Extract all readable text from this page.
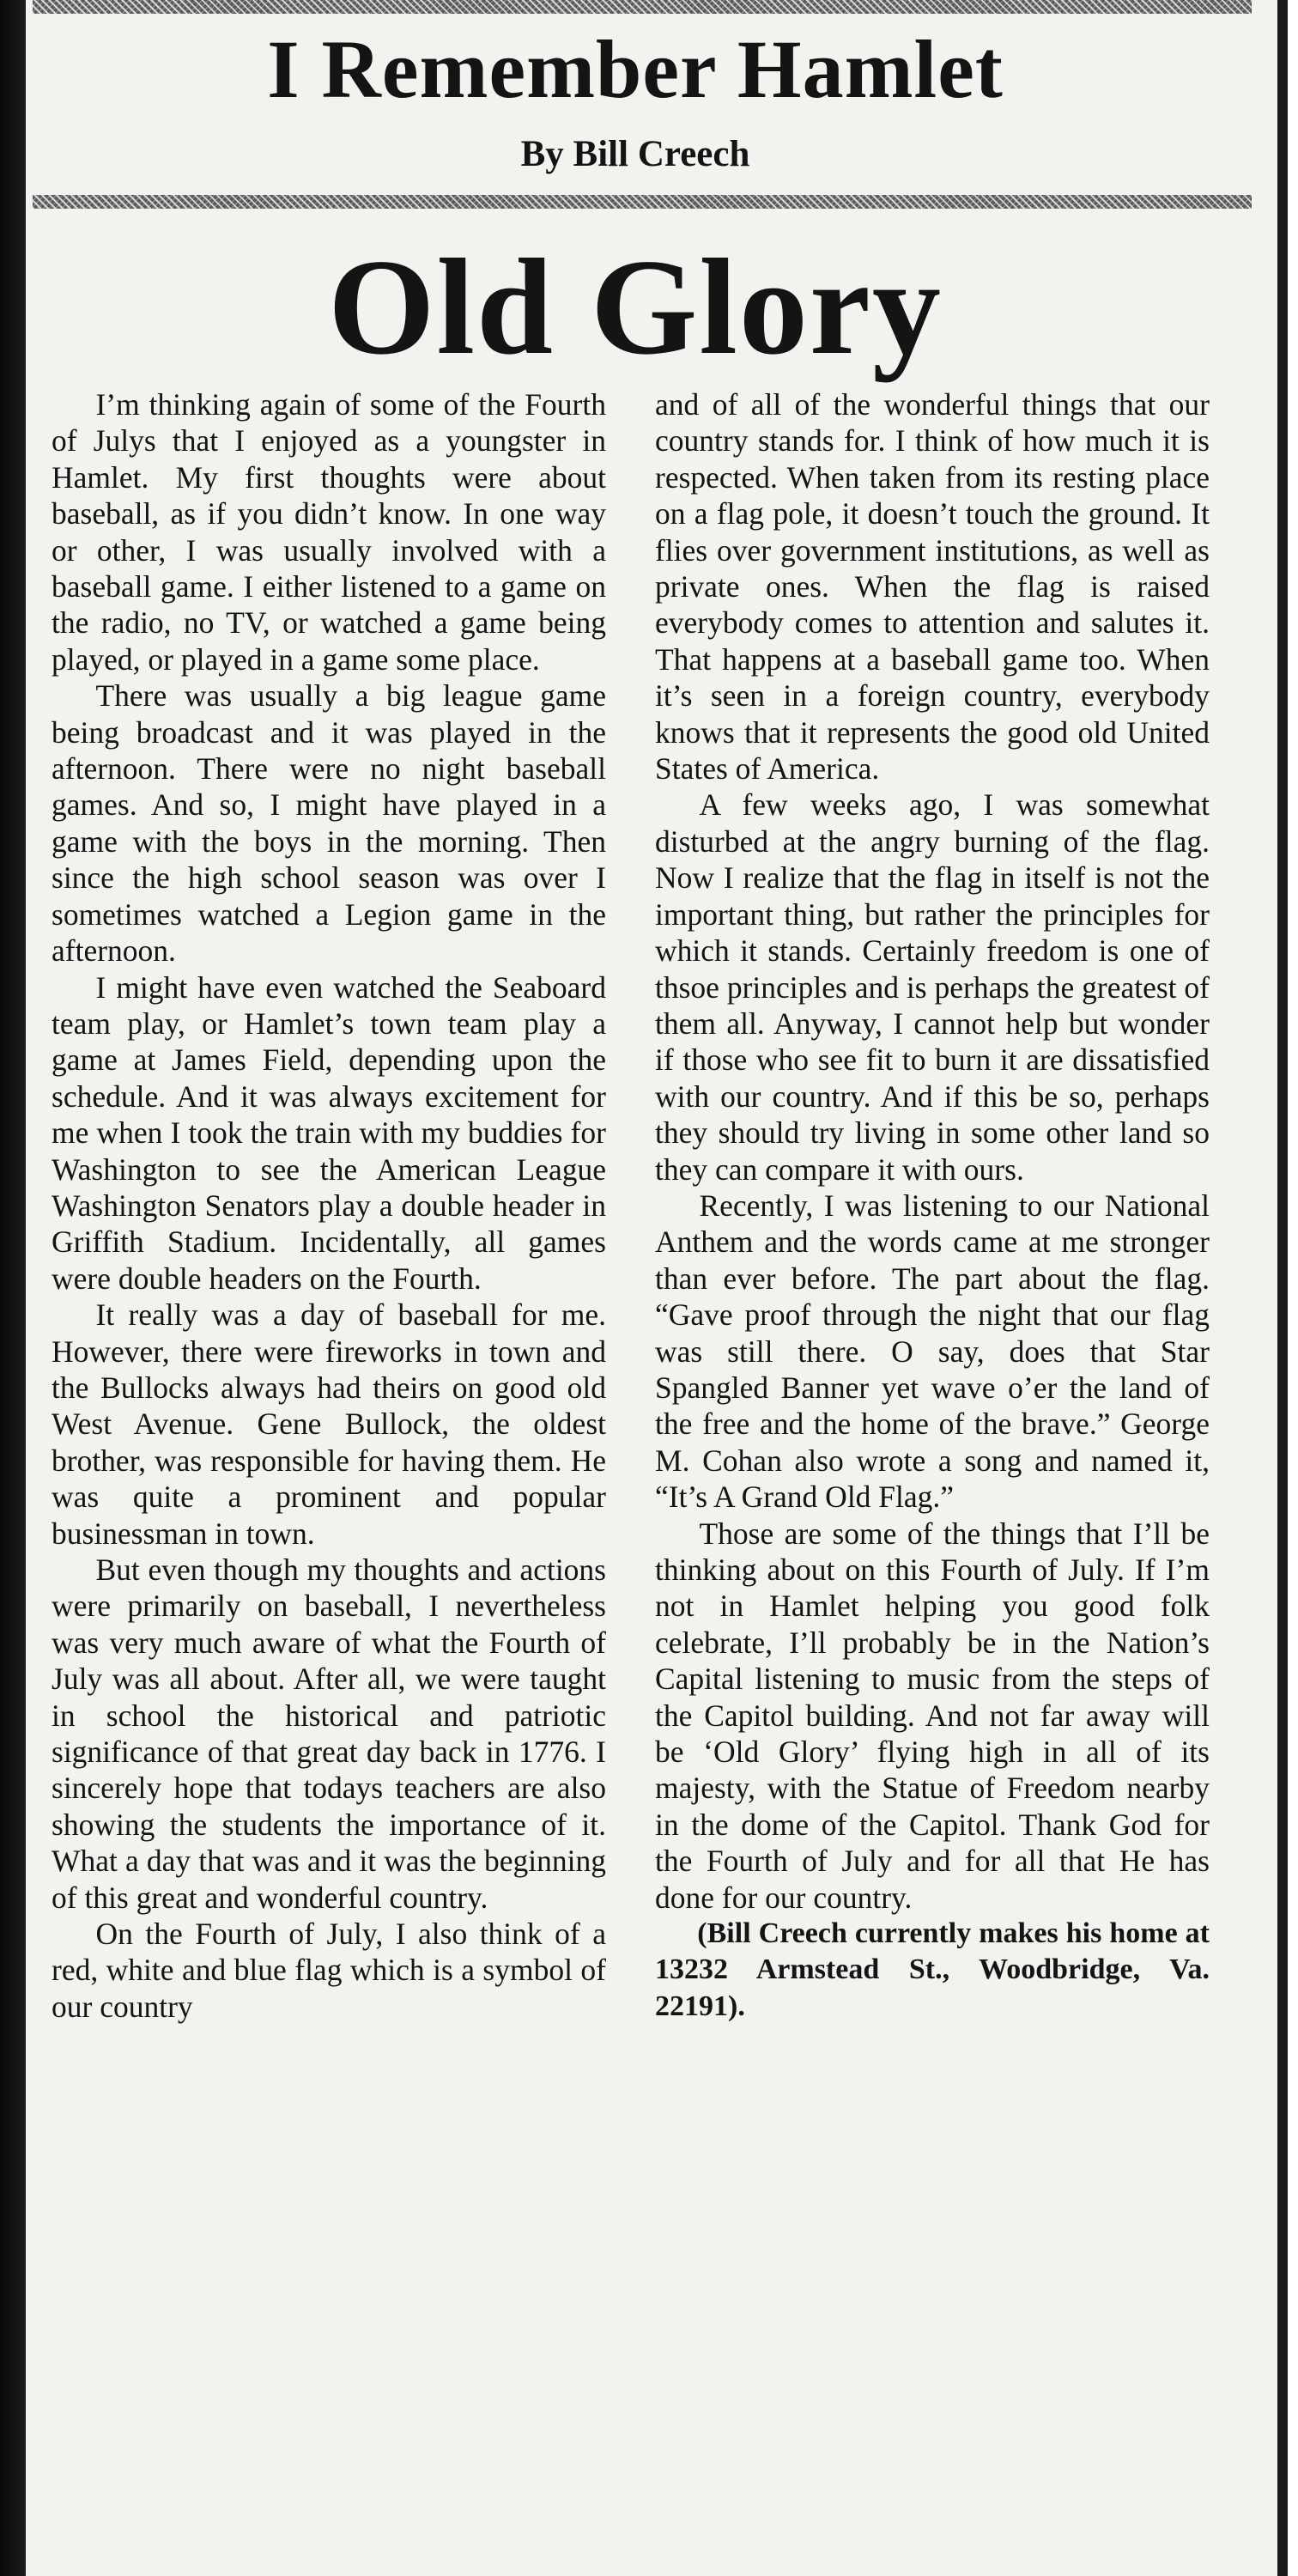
I Remember Hamlet
By Bill Creech
Old Glory

I’m thinking again of some of the Fourth of Julys that I enjoyed as a youngster in Hamlet. My first thoughts were about baseball, as if you didn’t know. In one way or other, I was usually involved with a baseball game. I either listened to a game on the radio, no TV, or watched a game being played, or played in a game some place.

There was usually a big league game being broadcast and it was played in the afternoon. There were no night baseball games. And so, I might have played in a game with the boys in the morning. Then since the high school season was over I sometimes watched a Legion game in the afternoon.

I might have even watched the Seaboard team play, or Hamlet’s town team play a game at James Field, depending upon the schedule. And it was always excitement for me when I took the train with my buddies for Washington to see the American League Washington Senators play a double header in Griffith Stadium. Incidentally, all games were double headers on the Fourth.

It really was a day of baseball for me. However, there were fireworks in town and the Bullocks always had theirs on good old West Avenue. Gene Bullock, the oldest brother, was responsible for having them. He was quite a prominent and popular businessman in town.

But even though my thoughts and actions were primarily on baseball, I nevertheless was very much aware of what the Fourth of July was all about. After all, we were taught in school the historical and patriotic significance of that great day back in 1776. I sincerely hope that todays teachers are also showing the students the importance of it. What a day that was and it was the beginning of this great and wonderful country.

On the Fourth of July, I also think of a red, white and blue flag which is a symbol of our country

and of all of the wonderful things that our country stands for. I think of how much it is respected. When taken from its resting place on a flag pole, it doesn’t touch the ground. It flies over government institutions, as well as private ones. When the flag is raised everybody comes to attention and salutes it. That happens at a baseball game too. When it’s seen in a foreign country, everybody knows that it represents the good old United States of America.

A few weeks ago, I was somewhat disturbed at the angry burning of the flag. Now I realize that the flag in itself is not the important thing, but rather the principles for which it stands. Certainly freedom is one of thsoe principles and is perhaps the greatest of them all. Anyway, I cannot help but wonder if those who see fit to burn it are dissatisfied with our country. And if this be so, perhaps they should try living in some other land so they can compare it with ours.

Recently, I was listening to our National Anthem and the words came at me stronger than ever before. The part about the flag. “Gave proof through the night that our flag was still there. O say, does that Star Spangled Banner yet wave o’er the land of the free and the home of the brave.” George M. Cohan also wrote a song and named it, “It’s A Grand Old Flag.”

Those are some of the things that I’ll be thinking about on this Fourth of July. If I’m not in Hamlet helping you good folk celebrate, I’ll probably be in the Nation’s Capital listening to music from the steps of the Capitol building. And not far away will be ‘Old Glory’ flying high in all of its majesty, with the Statue of Freedom nearby in the dome of the Capitol. Thank God for the Fourth of July and for all that He has done for our country.

(Bill Creech currently makes his home at 13232 Armstead St., Woodbridge, Va. 22191).
